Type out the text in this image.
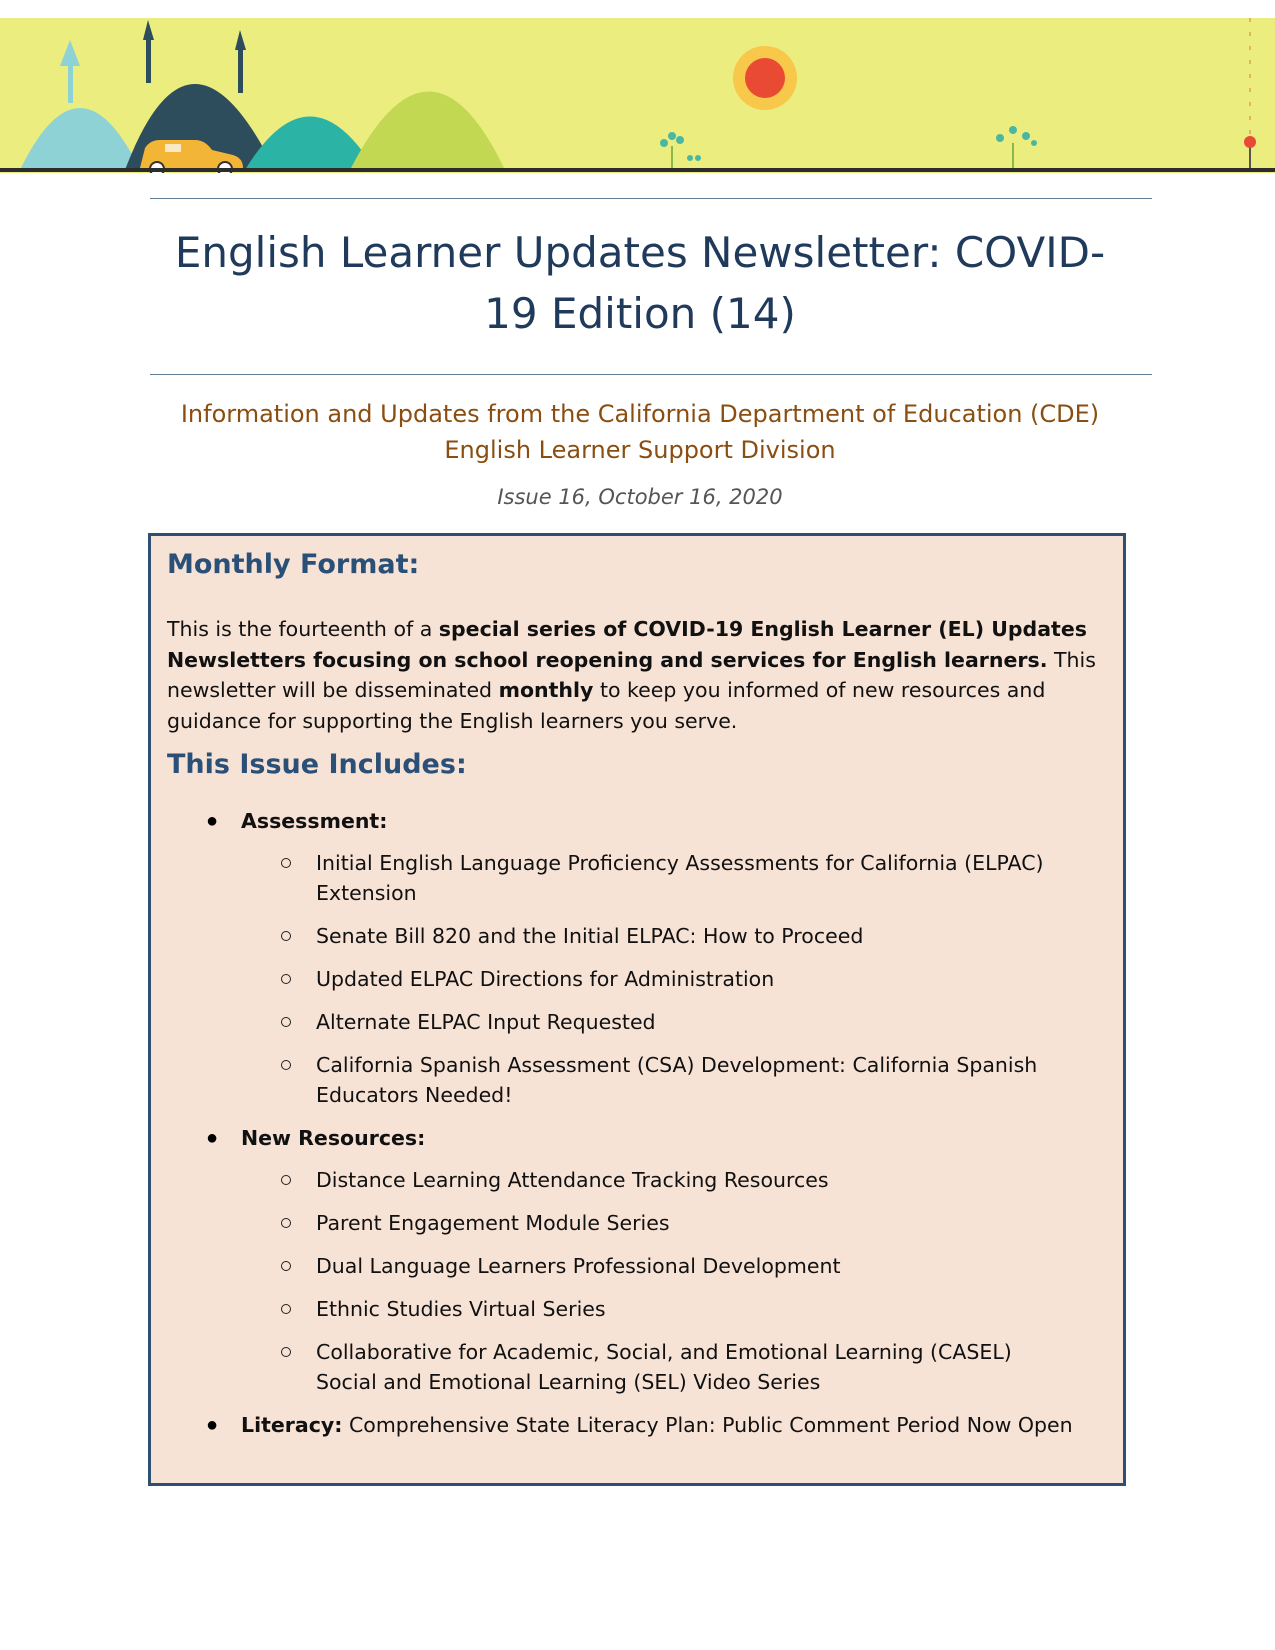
English Learner Updates Newsletter: COVID-19 Edition (14)
Information and Updates from the California Department of Education (CDE)
English Learner Support Division
Issue 16, October 16, 2020
Monthly Format:

This is the fourteenth of a special series of COVID-19 English Learner (EL) Updates Newsletters focusing on school reopening and services for English learners. This newsletter will be disseminated monthly to keep you informed of new resources and guidance for supporting the English learners you serve.

This Issue Includes:
● Assessment:
Initial English Language Proficiency Assessments for California (ELPAC) Extension
Senate Bill 820 and the Initial ELPAC: How to Proceed
Updated ELPAC Directions for Administration
Alternate ELPAC Input Requested
California Spanish Assessment (CSA) Development: California Spanish Educators Needed!
● New Resources:
Distance Learning Attendance Tracking Resources
Parent Engagement Module Series
Dual Language Learners Professional Development
Ethnic Studies Virtual Series
Collaborative for Academic, Social, and Emotional Learning (CASEL) Social and Emotional Learning (SEL) Video Series
● Literacy: Comprehensive State Literacy Plan: Public Comment Period Now Open
